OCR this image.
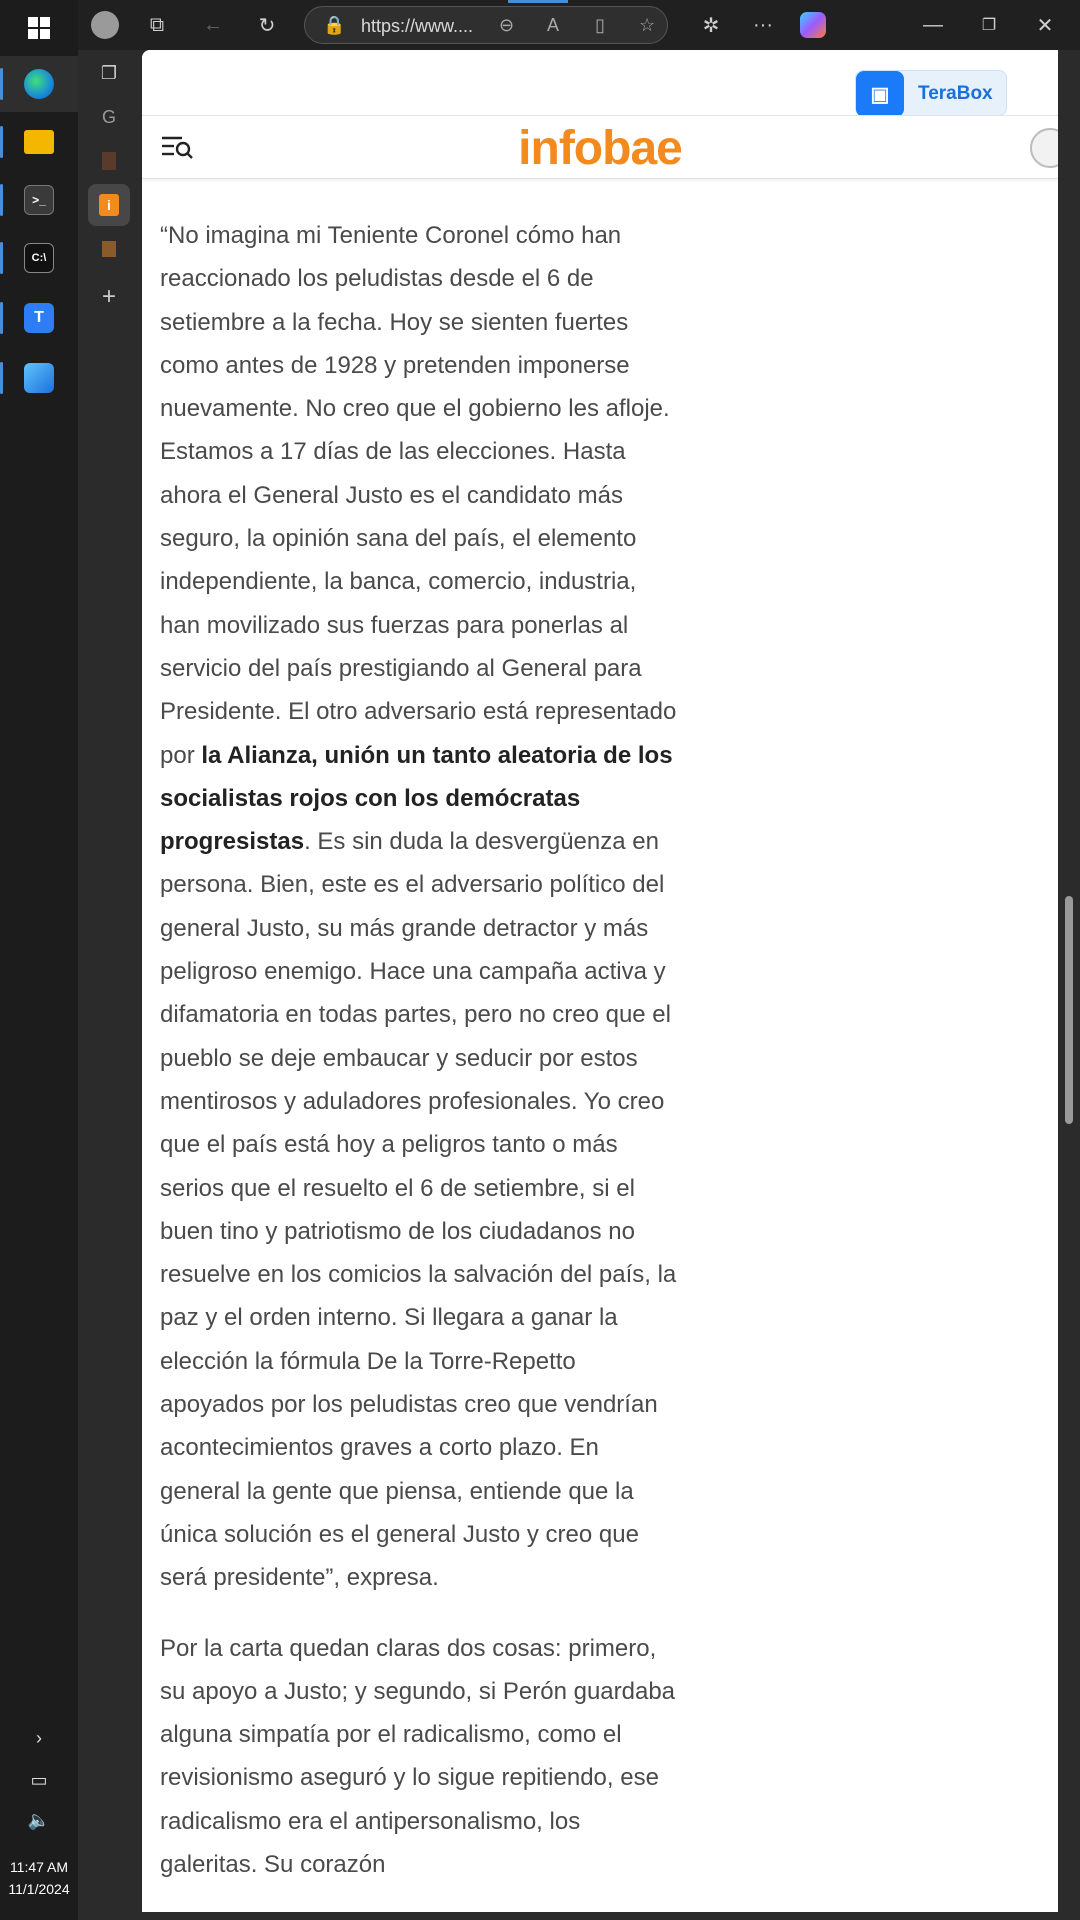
>_
C:\
T
›
▭
🔈
11:47 AM
11/1/2024
⧉	←	↻	🔒 https://www....	⊖ A ▯ ☆	✲	···	—	❐	✕
❐
G
i
+
▣	TeraBox
infobae

“No imagina mi Teniente Coronel cómo han reaccionado los peludistas desde el 6 de setiembre a la fecha. Hoy se sienten fuertes como antes de 1928 y pretenden imponerse nuevamente. No creo que el gobierno les afloje. Estamos a 17 días de las elecciones. Hasta ahora el General Justo es el candidato más seguro, la opinión sana del país, el elemento independiente, la banca, comercio, industria, han movilizado sus fuerzas para ponerlas al servicio del país prestigiando al General para Presidente. El otro adversario está representado por la Alianza, unión un tanto aleatoria de los socialistas rojos con los demócratas progresistas. Es sin duda la desvergüenza en persona. Bien, este es el adversario político del general Justo, su más grande detractor y más peligroso enemigo. Hace una campaña activa y difamatoria en todas partes, pero no creo que el pueblo se deje embaucar y seducir por estos mentirosos y aduladores profesionales. Yo creo que el país está hoy a peligros tanto o más serios que el resuelto el 6 de setiembre, si el buen tino y patriotismo de los ciudadanos no resuelve en los comicios la salvación del país, la paz y el orden interno. Si llegara a ganar la elección la fórmula De la Torre-Repetto apoyados por los peludistas creo que vendrían acontecimientos graves a corto plazo. En general la gente que piensa, entiende que la única solución es el general Justo y creo que será presidente”, expresa.

Por la carta quedan claras dos cosas: primero, su apoyo a Justo; y segundo, si Perón guardaba alguna simpatía por el radicalismo, como el revisionismo aseguró y lo sigue repitiendo, ese radicalismo era el antipersonalismo, los galeritas. Su corazón
